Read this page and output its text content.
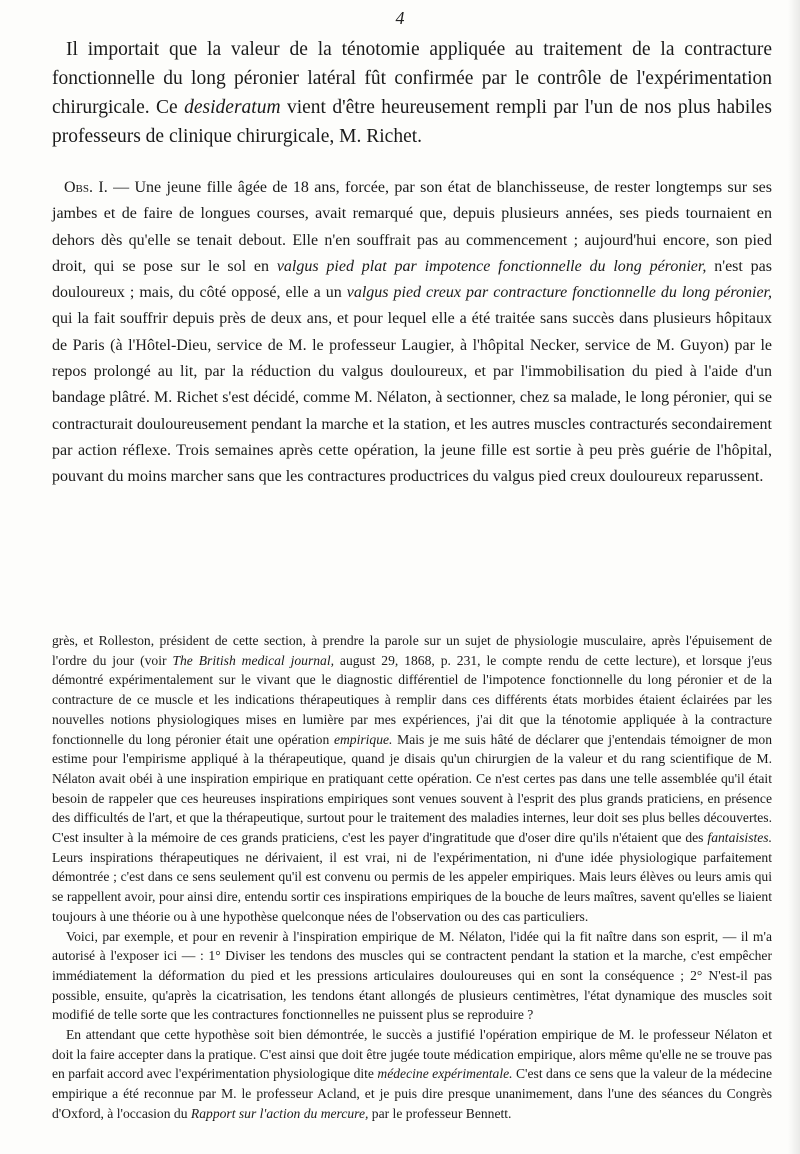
4

Il importait que la valeur de la ténotomie appliquée au traitement de la contracture fonctionnelle du long péronier latéral fût confirmée par le contrôle de l'expérimentation chirurgicale. Ce desideratum vient d'être heureusement rempli par l'un de nos plus habiles professeurs de clinique chirurgicale, M. Richet.

Obs. I. — Une jeune fille âgée de 18 ans, forcée, par son état de blanchisseuse, de rester longtemps sur ses jambes et de faire de longues courses, avait remarqué que, depuis plusieurs années, ses pieds tournaient en dehors dès qu'elle se tenait debout. Elle n'en souffrait pas au commencement ; aujourd'hui encore, son pied droit, qui se pose sur le sol en valgus pied plat par impotence fonctionnelle du long péronier, n'est pas douloureux ; mais, du côté opposé, elle a un valgus pied creux par contracture fonctionnelle du long péronier, qui la fait souffrir depuis près de deux ans, et pour lequel elle a été traitée sans succès dans plusieurs hôpitaux de Paris (à l'Hôtel-Dieu, service de M. le professeur Laugier, à l'hôpital Necker, service de M. Guyon) par le repos prolongé au lit, par la réduction du valgus douloureux, et par l'immobilisation du pied à l'aide d'un bandage plâtré. M. Richet s'est décidé, comme M. Nélaton, à sectionner, chez sa malade, le long péronier, qui se contracturait douloureusement pendant la marche et la station, et les autres muscles contracturés secondairement par action réflexe. Trois semaines après cette opération, la jeune fille est sortie à peu près guérie de l'hôpital, pouvant du moins marcher sans que les contractures productrices du valgus pied creux douloureux reparussent.

grès, et Rolleston, président de cette section, à prendre la parole sur un sujet de physiologie musculaire, après l'épuisement de l'ordre du jour (voir The British medical journal, august 29, 1868, p. 231, le compte rendu de cette lecture), et lorsque j'eus démontré expérimentalement sur le vivant que le diagnostic différentiel de l'impotence fonctionnelle du long péronier et de la contracture de ce muscle et les indications thérapeutiques à remplir dans ces différents états morbides étaient éclairées par les nouvelles notions physiologiques mises en lumière par mes expériences, j'ai dit que la ténotomie appliquée à la contracture fonctionnelle du long péronier était une opération empirique. Mais je me suis hâté de déclarer que j'entendais témoigner de mon estime pour l'empirisme appliqué à la thérapeutique, quand je disais qu'un chirurgien de la valeur et du rang scientifique de M. Nélaton avait obéi à une inspiration empirique en pratiquant cette opération. Ce n'est certes pas dans une telle assemblée qu'il était besoin de rappeler que ces heureuses inspirations empiriques sont venues souvent à l'esprit des plus grands praticiens, en présence des difficultés de l'art, et que la thérapeutique, surtout pour le traitement des maladies internes, leur doit ses plus belles découvertes. C'est insulter à la mémoire de ces grands praticiens, c'est les payer d'ingratitude que d'oser dire qu'ils n'étaient que des fantaisistes. Leurs inspirations thérapeutiques ne dérivaient, il est vrai, ni de l'expérimentation, ni d'une idée physiologique parfaitement démontrée ; c'est dans ce sens seulement qu'il est convenu ou permis de les appeler empiriques. Mais leurs élèves ou leurs amis qui se rappellent avoir, pour ainsi dire, entendu sortir ces inspirations empiriques de la bouche de leurs maîtres, savent qu'elles se liaient toujours à une théorie ou à une hypothèse quelconque nées de l'observation ou des cas particuliers.

Voici, par exemple, et pour en revenir à l'inspiration empirique de M. Nélaton, l'idée qui la fit naître dans son esprit, — il m'a autorisé à l'exposer ici — : 1° Diviser les tendons des muscles qui se contractent pendant la station et la marche, c'est empêcher immédiatement la déformation du pied et les pressions articulaires douloureuses qui en sont la conséquence ; 2° N'est-il pas possible, ensuite, qu'après la cicatrisation, les tendons étant allongés de plusieurs centimètres, l'état dynamique des muscles soit modifié de telle sorte que les contractures fonctionnelles ne puissent plus se reproduire ?

En attendant que cette hypothèse soit bien démontrée, le succès a justifié l'opération empirique de M. le professeur Nélaton et doit la faire accepter dans la pratique. C'est ainsi que doit être jugée toute médication empirique, alors même qu'elle ne se trouve pas en parfait accord avec l'expérimentation physiologique dite médecine expérimentale. C'est dans ce sens que la valeur de la médecine empirique a été reconnue par M. le professeur Acland, et je puis dire presque unanimement, dans l'une des séances du Congrès d'Oxford, à l'occasion du Rapport sur l'action du mercure, par le professeur Bennett.
